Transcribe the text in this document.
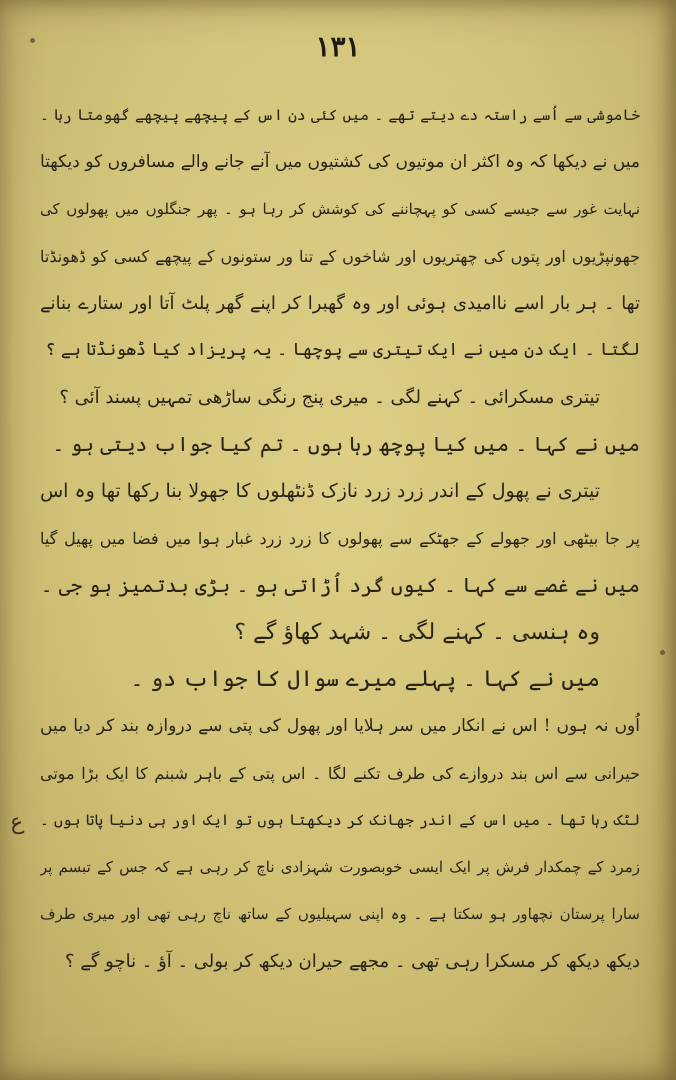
١٣١
ع
خاموشی سے اُسے راستہ دے دیتے تھے ۔ میں کئی دن اس کے پیچھے پیچھے گھومتا رہا ۔
میں نے دیکھا کہ وہ اکثر ان موتیوں کی کشتیوں میں آنے جانے والے مسافروں کو دیکھتا
نہایت غور سے جیسے کسی کو پہچاننے کی کوشش کر رہا ہو ۔ پھر جنگلوں میں پھولوں کی
جھونپڑیوں اور پتوں کی چھتریوں اور شاخوں کے تنا ور ستونوں کے پیچھے کسی کو ڈھونڈتا
تھا ۔ ہر بار اسے ناامیدی ہوئی اور وہ گھبرا کر اپنے گھر پلٹ آتا اور ستارے بنانے
لگتا ۔ ایک دن میں نے ایک تیتری سے پوچھا ۔ یہ پریزاد کیا ڈھونڈتا ہے ؟
تیتری مسکرائی ۔ کہنے لگی ۔ میری پنج رنگی ساڑھی تمہیں پسند آئی ؟
میں نے کہا ۔ میں کیا پوچھ رہا ہوں ۔ تم کیا جواب دیتی ہو ۔
تیتری نے پھول کے اندر زرد زرد نازک ڈنٹھلوں کا جھولا بنا رکھا تھا وہ اس
پر جا بیٹھی اور جھولے کے جھٹکے سے پھولوں کا زرد زرد غبار ہوا میں فضا میں پھیل گیا
میں نے غصے سے کہا ۔ کیوں گرد اُڑاتی ہو ۔ بڑی بدتمیز ہو جی ۔
وہ ہنسی ۔ کہنے لگی ۔ شہد کھاؤ گے ؟
میں نے کہا ۔ پہلے میرے سوال کا جواب دو ۔
اُوں نہ ہوں ! اس نے انکار میں سر ہلایا اور پھول کی پتی سے دروازہ بند کر دیا میں
حیرانی سے اس بند دروازے کی طرف تکنے لگا ۔ اس پتی کے باہر شبنم کا ایک بڑا موتی
لٹک رہا تھا ۔ میں اس کے اندر جھانک کر دیکھتا ہوں تو ایک اور ہی دنیا پاتا ہوں ۔
زمرد کے چمکدار فرش پر ایک ایسی خوبصورت شہزادی ناچ کر رہی ہے کہ جس کے تبسم پر
سارا پرستان نچھاور ہو سکتا ہے ۔ وہ اپنی سہیلیوں کے ساتھ ناچ رہی تھی اور میری طرف
دیکھ دیکھ کر مسکرا رہی تھی ۔ مجھے حیران دیکھ کر بولی ۔ آؤ ۔ ناچو گے ؟
